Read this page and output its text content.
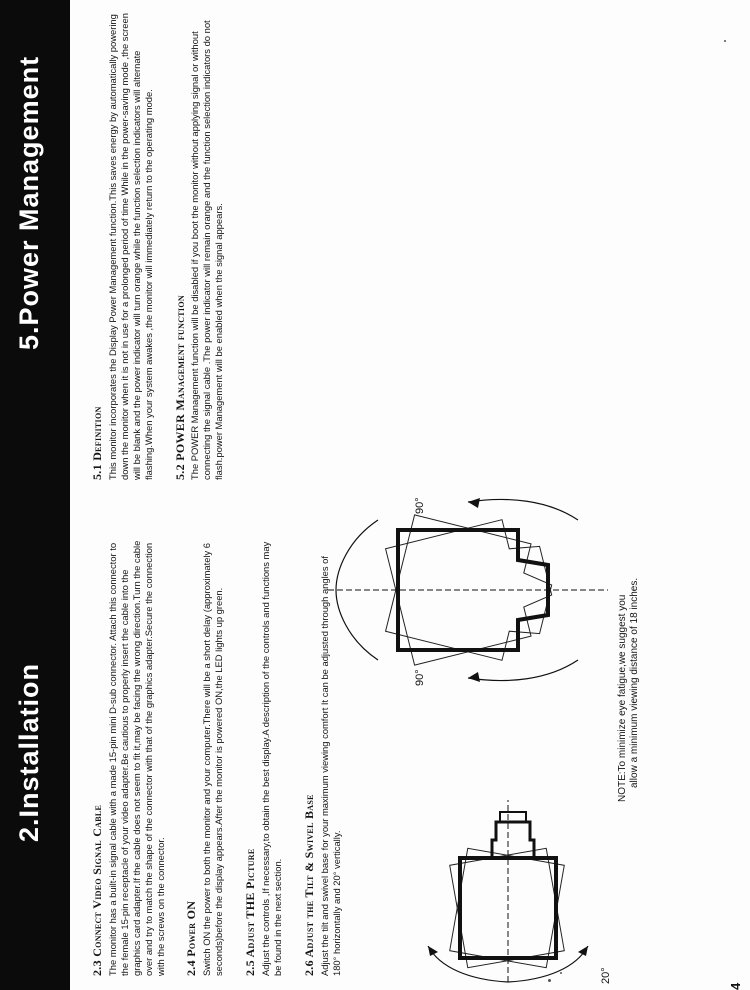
2.Installation
5.Power Management

2.3 Connect Video Signal Cable The monitor has a built-in signal cable with a made 15-pin mini D-sub connector. Attach this connector to the female 15-pin receptacle of your video adapter.Be cautious to properly insert the cable into the graphics card adapter.If the cable does not seem to fit it,may be facing the wrong direction.Turn the cable over and try to match the shape of the connector with that of the graphics adapter.Secure the connection with the screws on the connector. 2.4 Power ON Switch ON the power to both the monitor and your computer.There will be a short delay (approximately 6 seconds)before the display appears.After the monitor is powered ON,the LED lights up green. 2.5 Adjust THE Picture Adjust the controls ,If necessary,to obtain the best display.A description of the controls and functions may be found in the next section. 2.6 Adjust the Tilt & Swivel Base Adjust the tilt and swivel base for your maximum viewing comfort It can be adjusted through angles of 180° horizontally and 20° vertically.	20°
90°
90°
NOTE:To minimize eye fatigue,we suggest you allow a minimum viewing distance of 18 inches.

5.1 Definition This monitor incorporates the Display Power Management function.This saves energy by automatically powering down the monitor when it is not in use for a prolonged period of time While in the power-saving mode ,the screen will be blank and the power indicator will turn orange while the function selection indicators will alternate flashing.When your system awakes ,the monitor will immediately return to the operating mode. 5.2 POWER Management function The POWER Management function will be disabled if you boot the monitor without applying signal or without connecting the signal cable .The power indicator will remain orange and the function selection indicators do not flash.power Management will be enabled when the signal appears.

4
